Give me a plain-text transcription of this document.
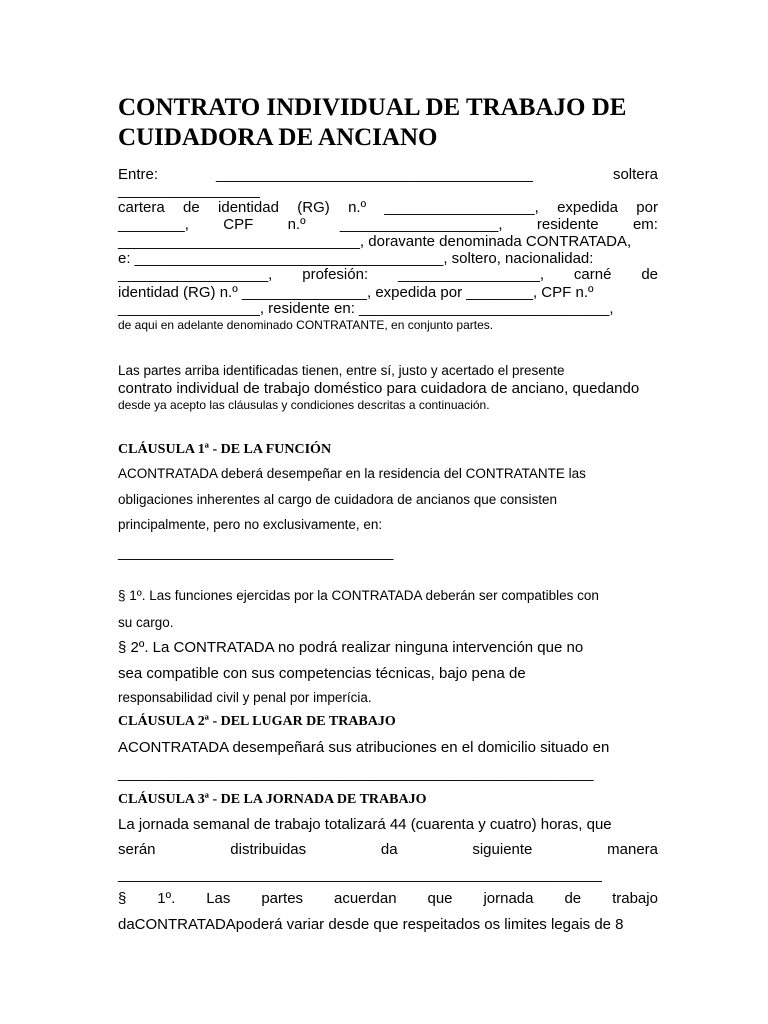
CONTRATO INDIVIDUAL DE TRABAJO DE
CUIDADORA DE ANCIANO
Entre:	______________________________________	soltera
_________________
cartera de identidad (RG) n.º __________________, expedida por
________, CPF n.º ___________________, residente em:
_____________________________, doravante denominada CONTRATADA,
e: _____________________________________, soltero, nacionalidad:
__________________, profesión: _________________, carné de
identidad (RG) n.º _______________, expedida por ________, CPF n.º
_________________, residente en: ______________________________,
de aqui en adelante denominado CONTRATANTE, en conjunto partes.
Las partes arriba identificadas tienen, entre sí, justo y acertado el presente
contrato individual de trabajo doméstico para cuidadora de anciano, quedando
desde ya acepto las cláusulas y condiciones descritas a continuación.
CLÁUSULA 1ª - DE LA FUNCIÓN
ACONTRATADA deberá desempeñar en la residencia del CONTRATANTE las
obligaciones inherentes al cargo de cuidadora de ancianos que consisten
principalmente, pero no exclusivamente, en:
_________________________________
§ 1º. Las funciones ejercidas por la CONTRATADA deberán ser compatibles con
su cargo.
§ 2º. La CONTRATADA no podrá realizar ninguna intervención que no
sea compatible con sus competencias técnicas, bajo pena de
responsabilidad civil y penal por imperícia.
CLÁUSULA 2ª - DEL LUGAR DE TRABAJO
ACONTRATADA desempeñará sus atribuciones en el domicilio situado en
_________________________________________________________
CLÁUSULA 3ª - DE LA JORNADA DE TRABAJO
La jornada semanal de trabajo totalizará 44 (cuarenta y cuatro) horas, que
serán	distribuidas	da	siguiente	manera
__________________________________________________________
§ 1º. Las partes acuerdan que jornada de trabajo
daCONTRATADApoderá variar desde que respeitados os limites legais de 8
